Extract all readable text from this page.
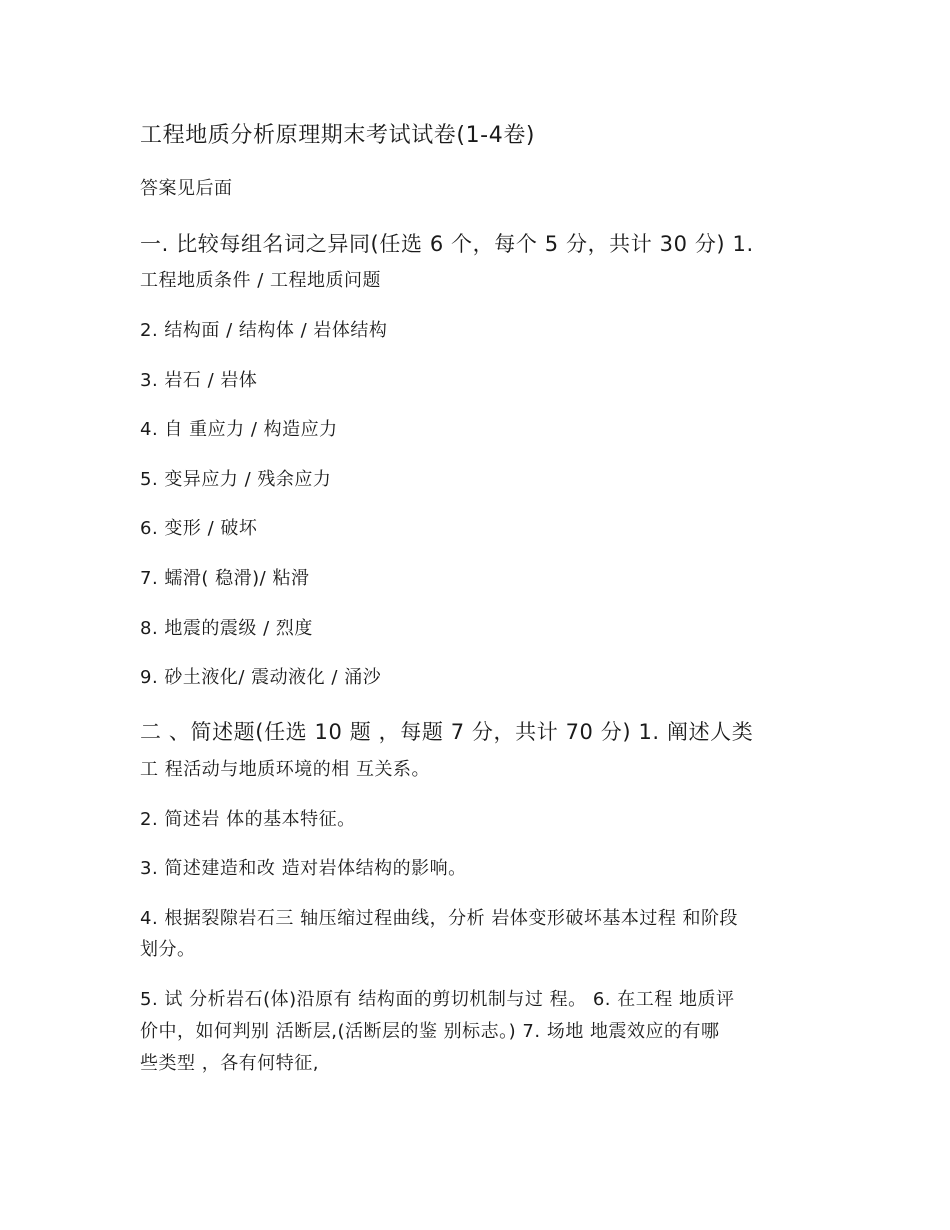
工程地质分析原理期末考试试卷(1-4卷)
答案见后面
一. 比较每组名词之异同(任选 6 个，每个 5 分，共计 30 分) 1.
工程地质条件 / 工程地质问题
2. 结构面 / 结构体 / 岩体结构
3. 岩石 / 岩体
4. 自 重应力 / 构造应力
5. 变异应力 / 残余应力
6. 变形 / 破坏
7. 蠕滑( 稳滑)/ 粘滑
8. 地震的震级 / 烈度
9. 砂土液化/ 震动液化 / 涌沙
二 、简述题(任选 10 题 ，每题 7 分，共计 70 分) 1. 阐述人类
工 程活动与地质环境的相 互关系。
2. 简述岩 体的基本特征。
3. 简述建造和改 造对岩体结构的影响。
4. 根据裂隙岩石三 轴压缩过程曲线，分析 岩体变形破坏基本过程 和阶段
划分。
5. 试 分析岩石(体)沿原有 结构面的剪切机制与过 程。 6. 在工程 地质评
价中，如何判别 活断层,(活断层的鉴 别标志。) 7. 场地 地震效应的有哪
些类型 ，各有何特征,
